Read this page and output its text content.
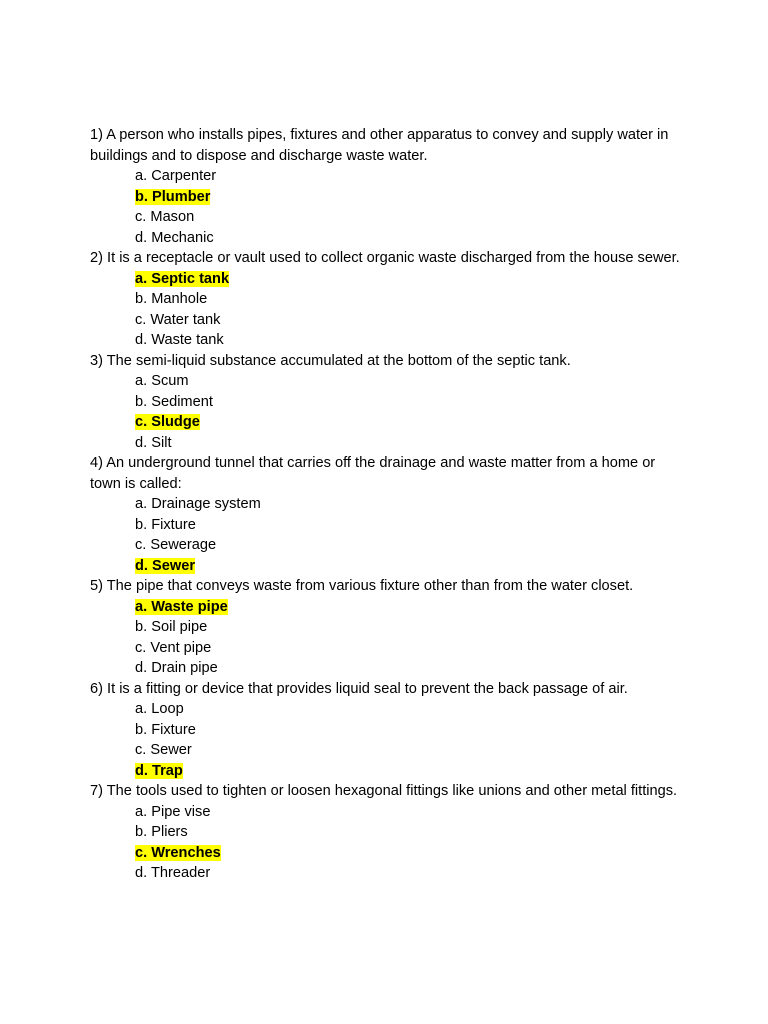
1) A person who installs pipes, fixtures and other apparatus to convey and supply water in buildings and to dispose and discharge waste water.
a. Carpenter
b. Plumber
c. Mason
d. Mechanic
2) It is a receptacle or vault used to collect organic waste discharged from the house sewer.
a. Septic tank
b. Manhole
c. Water tank
d. Waste tank
3) The semi-liquid substance accumulated at the bottom of the septic tank.
a. Scum
b. Sediment
c. Sludge
d. Silt
4) An underground tunnel that carries off the drainage and waste matter from a home or town is called:
a. Drainage system
b. Fixture
c. Sewerage
d. Sewer
5) The pipe that conveys waste from various fixture other than from the water closet.
a. Waste pipe
b. Soil pipe
c. Vent pipe
d. Drain pipe
6) It is a fitting or device that provides liquid seal to prevent the back passage of air.
a. Loop
b. Fixture
c. Sewer
d. Trap
7) The tools used to tighten or loosen hexagonal fittings like unions and other metal fittings.
a. Pipe vise
b. Pliers
c. Wrenches
d. Threader
